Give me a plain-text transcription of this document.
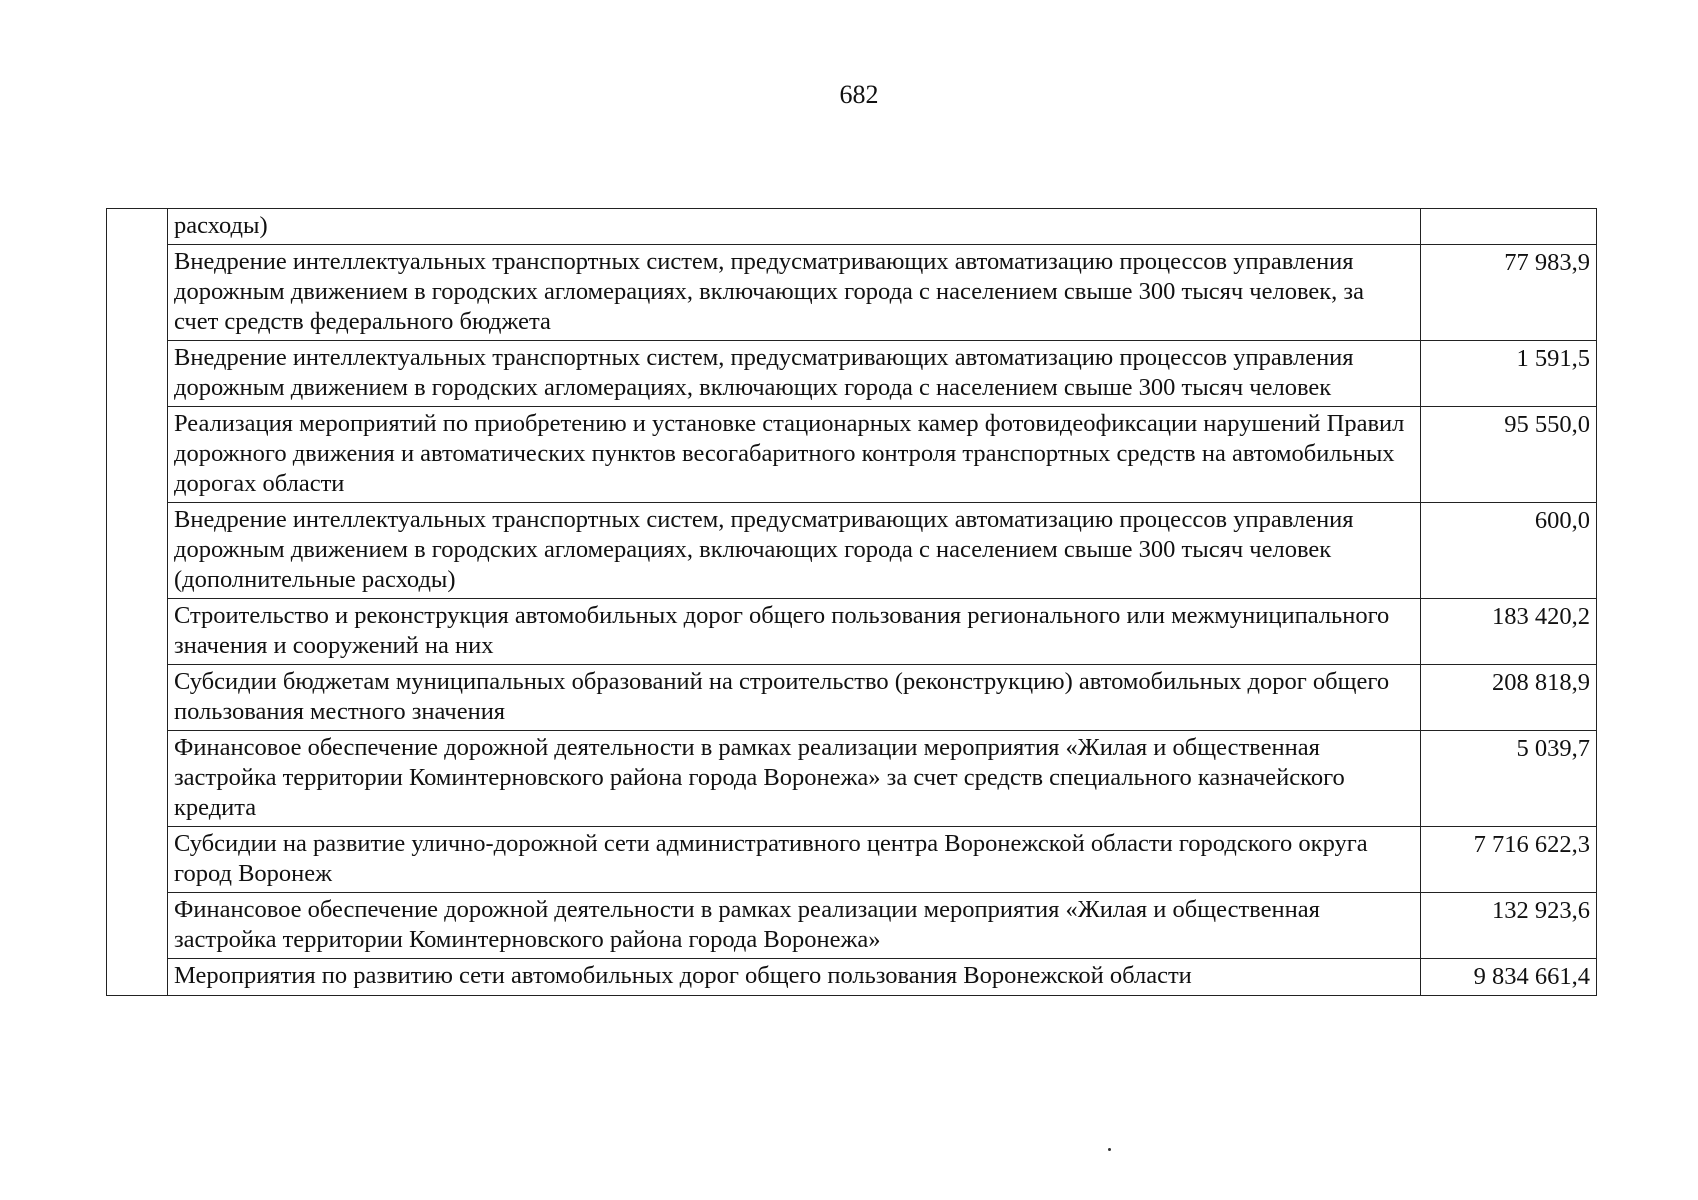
682
	расходы)	
	Внедрение интеллектуальных транспортных систем, предусматривающих автоматизацию процессов управления дорожным движением в городских агломерациях, включающих города с населением свыше 300 тысяч человек, за счет средств федерального бюджета	77 983,9
	Внедрение интеллектуальных транспортных систем, предусматривающих автоматизацию процессов управления дорожным движением в городских агломерациях, включающих города с населением свыше 300 тысяч человек	1 591,5
	Реализация мероприятий по приобретению и установке стационарных камер фотовидеофиксации нарушений Правил дорожного движения и автоматических пунктов весогабаритного контроля транспортных средств на автомобильных дорогах области	95 550,0
	Внедрение интеллектуальных транспортных систем, предусматривающих автоматизацию процессов управления дорожным движением в городских агломерациях, включающих города с населением свыше 300 тысяч человек (дополнительные расходы)	600,0
	Строительство и реконструкция автомобильных дорог общего пользования регионального или межмуниципального значения и сооружений на них	183 420,2
	Субсидии бюджетам муниципальных образований на строительство (реконструкцию) автомобильных дорог общего пользования местного значения	208 818,9
	Финансовое обеспечение дорожной деятельности в рамках реализации мероприятия «Жилая и общественная застройка территории Коминтерновского района города Воронежа» за счет средств специального казначейского кредита	5 039,7
	Субсидии на развитие улично-дорожной сети административного центра Воронежской области городского округа город Воронеж	7 716 622,3
	Финансовое обеспечение дорожной деятельности в рамках реализации мероприятия «Жилая и общественная застройка территории Коминтерновского района города Воронежа»	132 923,6
	Мероприятия по развитию сети автомобильных дорог общего пользования Воронежской области	9 834 661,4
